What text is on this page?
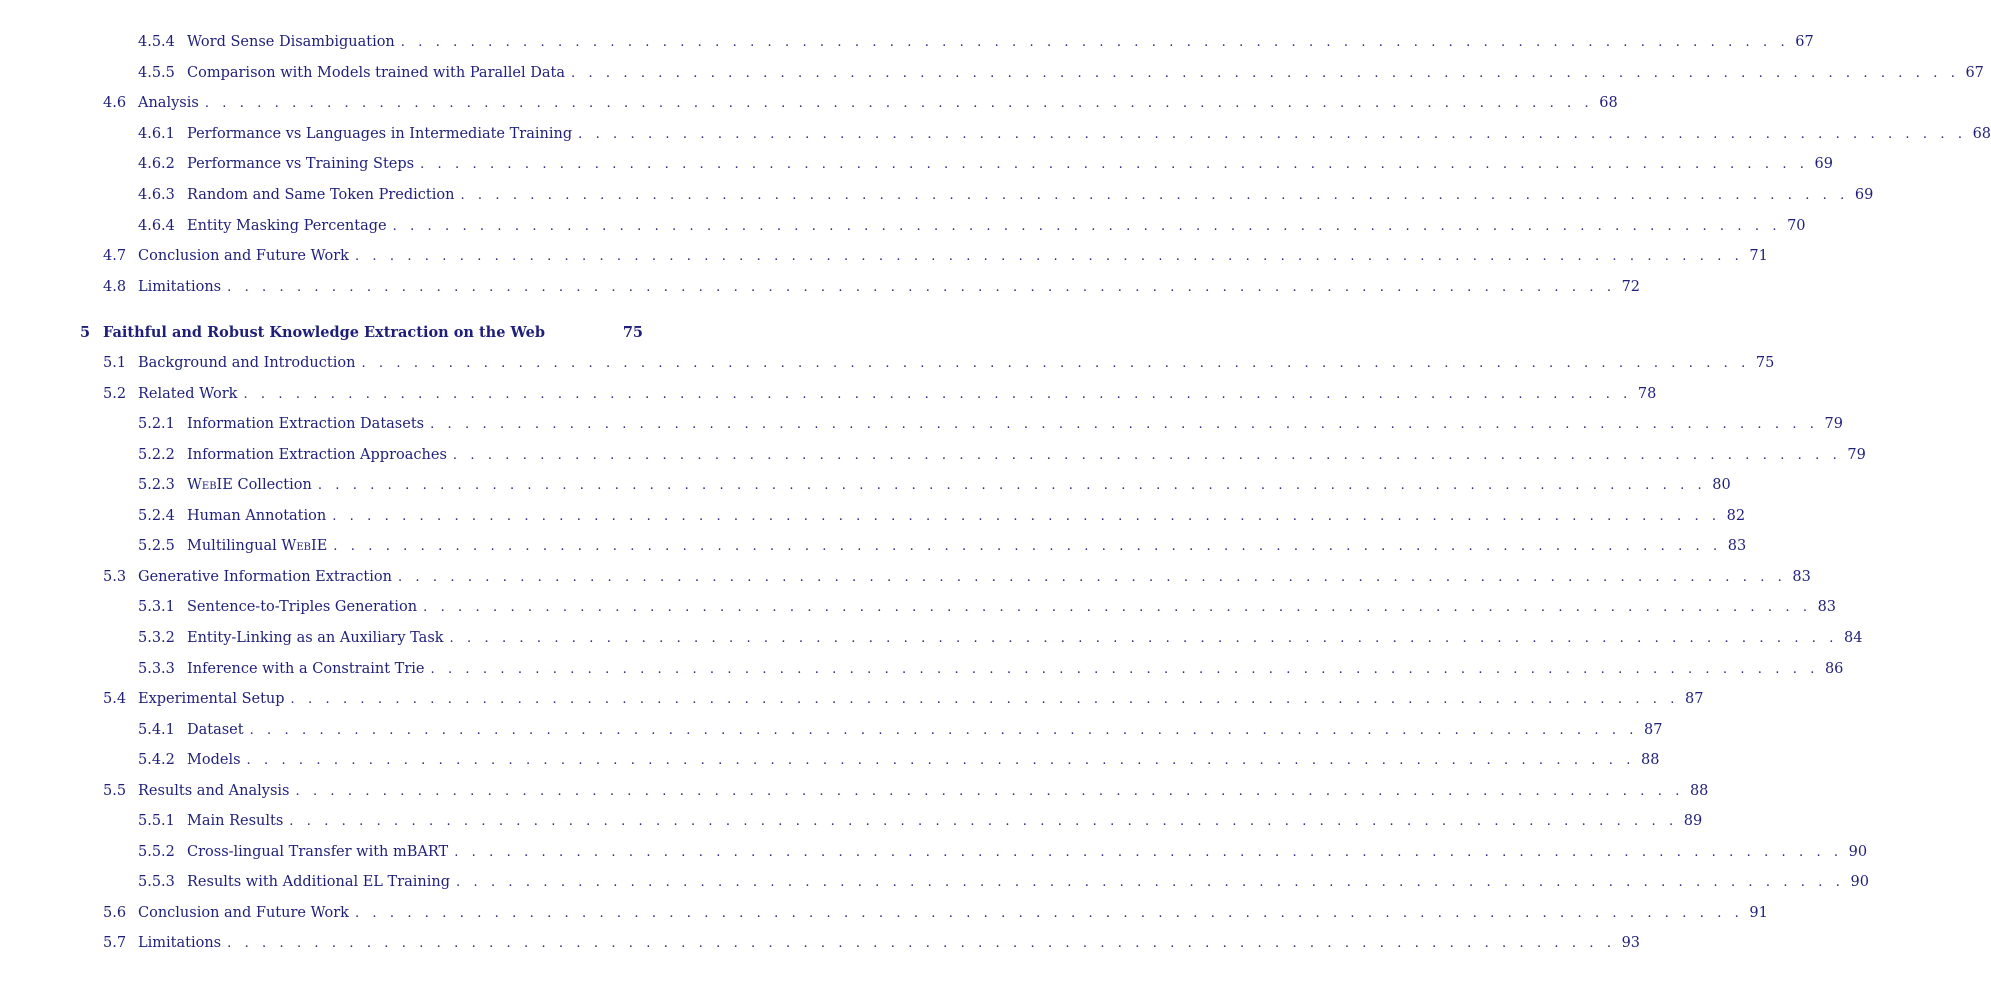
4.5.4 Word Sense Disambiguation . . . . . . . . . . . . . . . . . . . . . . . . . . . . . . . . . . . . . . . . . . . . . . . . . . . . . . . . . . . . . . . . . . . . . . . . . . . . . . . . 67
4.5.5 Comparison with Models trained with Parallel Data . . . . . . . . . . . . . . . . . . . . . . . . . . . . . . . . . . . . . . . . . . . . . . . . . . . . . . . . . . . . . . . . . . . . . . . . . . . . . . . . 67
4.6 Analysis . . . . . . . . . . . . . . . . . . . . . . . . . . . . . . . . . . . . . . . . . . . . . . . . . . . . . . . . . . . . . . . . . . . . . . . . . . . . . . . . 68
4.6.1 Performance vs Languages in Intermediate Training . . . . . . . . . . . . . . . . . . . . . . . . . . . . . . . . . . . . . . . . . . . . . . . . . . . . . . . . . . . . . . . . . . . . . . . . . . . . . . . . 68
4.6.2 Performance vs Training Steps . . . . . . . . . . . . . . . . . . . . . . . . . . . . . . . . . . . . . . . . . . . . . . . . . . . . . . . . . . . . . . . . . . . . . . . . . . . . . . . . 69
4.6.3 Random and Same Token Prediction . . . . . . . . . . . . . . . . . . . . . . . . . . . . . . . . . . . . . . . . . . . . . . . . . . . . . . . . . . . . . . . . . . . . . . . . . . . . . . . . 69
4.6.4 Entity Masking Percentage . . . . . . . . . . . . . . . . . . . . . . . . . . . . . . . . . . . . . . . . . . . . . . . . . . . . . . . . . . . . . . . . . . . . . . . . . . . . . . . . 70
4.7 Conclusion and Future Work . . . . . . . . . . . . . . . . . . . . . . . . . . . . . . . . . . . . . . . . . . . . . . . . . . . . . . . . . . . . . . . . . . . . . . . . . . . . . . . . 71
4.8 Limitations . . . . . . . . . . . . . . . . . . . . . . . . . . . . . . . . . . . . . . . . . . . . . . . . . . . . . . . . . . . . . . . . . . . . . . . . . . . . . . . . 72
5 Faithful and Robust Knowledge Extraction on the Web	75
5.1 Background and Introduction . . . . . . . . . . . . . . . . . . . . . . . . . . . . . . . . . . . . . . . . . . . . . . . . . . . . . . . . . . . . . . . . . . . . . . . . . . . . . . . . 75
5.2 Related Work . . . . . . . . . . . . . . . . . . . . . . . . . . . . . . . . . . . . . . . . . . . . . . . . . . . . . . . . . . . . . . . . . . . . . . . . . . . . . . . . 78
5.2.1 Information Extraction Datasets . . . . . . . . . . . . . . . . . . . . . . . . . . . . . . . . . . . . . . . . . . . . . . . . . . . . . . . . . . . . . . . . . . . . . . . . . . . . . . . . 79
5.2.2 Information Extraction Approaches . . . . . . . . . . . . . . . . . . . . . . . . . . . . . . . . . . . . . . . . . . . . . . . . . . . . . . . . . . . . . . . . . . . . . . . . . . . . . . . . 79
5.2.3 WebIE Collection . . . . . . . . . . . . . . . . . . . . . . . . . . . . . . . . . . . . . . . . . . . . . . . . . . . . . . . . . . . . . . . . . . . . . . . . . . . . . . . . 80
5.2.4 Human Annotation . . . . . . . . . . . . . . . . . . . . . . . . . . . . . . . . . . . . . . . . . . . . . . . . . . . . . . . . . . . . . . . . . . . . . . . . . . . . . . . . 82
5.2.5 Multilingual WebIE . . . . . . . . . . . . . . . . . . . . . . . . . . . . . . . . . . . . . . . . . . . . . . . . . . . . . . . . . . . . . . . . . . . . . . . . . . . . . . . . 83
5.3 Generative Information Extraction . . . . . . . . . . . . . . . . . . . . . . . . . . . . . . . . . . . . . . . . . . . . . . . . . . . . . . . . . . . . . . . . . . . . . . . . . . . . . . . . 83
5.3.1 Sentence-to-Triples Generation . . . . . . . . . . . . . . . . . . . . . . . . . . . . . . . . . . . . . . . . . . . . . . . . . . . . . . . . . . . . . . . . . . . . . . . . . . . . . . . . 83
5.3.2 Entity-Linking as an Auxiliary Task . . . . . . . . . . . . . . . . . . . . . . . . . . . . . . . . . . . . . . . . . . . . . . . . . . . . . . . . . . . . . . . . . . . . . . . . . . . . . . . . 84
5.3.3 Inference with a Constraint Trie . . . . . . . . . . . . . . . . . . . . . . . . . . . . . . . . . . . . . . . . . . . . . . . . . . . . . . . . . . . . . . . . . . . . . . . . . . . . . . . . 86
5.4 Experimental Setup . . . . . . . . . . . . . . . . . . . . . . . . . . . . . . . . . . . . . . . . . . . . . . . . . . . . . . . . . . . . . . . . . . . . . . . . . . . . . . . . 87
5.4.1 Dataset . . . . . . . . . . . . . . . . . . . . . . . . . . . . . . . . . . . . . . . . . . . . . . . . . . . . . . . . . . . . . . . . . . . . . . . . . . . . . . . . 87
5.4.2 Models . . . . . . . . . . . . . . . . . . . . . . . . . . . . . . . . . . . . . . . . . . . . . . . . . . . . . . . . . . . . . . . . . . . . . . . . . . . . . . . . 88
5.5 Results and Analysis . . . . . . . . . . . . . . . . . . . . . . . . . . . . . . . . . . . . . . . . . . . . . . . . . . . . . . . . . . . . . . . . . . . . . . . . . . . . . . . . 88
5.5.1 Main Results . . . . . . . . . . . . . . . . . . . . . . . . . . . . . . . . . . . . . . . . . . . . . . . . . . . . . . . . . . . . . . . . . . . . . . . . . . . . . . . . 89
5.5.2 Cross-lingual Transfer with mBART . . . . . . . . . . . . . . . . . . . . . . . . . . . . . . . . . . . . . . . . . . . . . . . . . . . . . . . . . . . . . . . . . . . . . . . . . . . . . . . . 90
5.5.3 Results with Additional EL Training . . . . . . . . . . . . . . . . . . . . . . . . . . . . . . . . . . . . . . . . . . . . . . . . . . . . . . . . . . . . . . . . . . . . . . . . . . . . . . . . 90
5.6 Conclusion and Future Work . . . . . . . . . . . . . . . . . . . . . . . . . . . . . . . . . . . . . . . . . . . . . . . . . . . . . . . . . . . . . . . . . . . . . . . . . . . . . . . . 91
5.7 Limitations . . . . . . . . . . . . . . . . . . . . . . . . . . . . . . . . . . . . . . . . . . . . . . . . . . . . . . . . . . . . . . . . . . . . . . . . . . . . . . . . 93
